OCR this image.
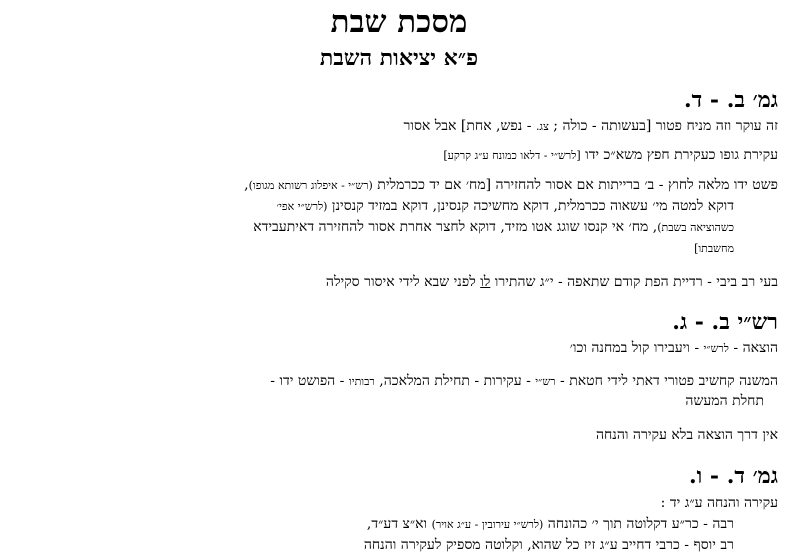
מסכת שבת
פ״א יציאות השבת
גמ׳ ב. - ד.
זה עוקר וזה מניח פטור [בעשותה - כולה ; צג. - נפש, אחת] אבל אסור
עקירת גופו כעקירת חפץ משא״כ ידו [לרש״י - דלאו כמונח ע״ג קרקע]
פשט ידו מלאה לחוץ - ב׳ ברייתות אם אסור להחזירה [מח׳ אם יד ככרמלית (רש״י - איפלוג רשותא מגופו),
דוקא למטה מי׳ עשאוה ככרמלית, דוקא מחשיכה קנסינן, דוקא במזיד קנסינן (לרש״י אפי׳
כשהוציאה בשבת), מח׳ אי קנסו שוגג אטו מזיד, דוקא לחצר אחרת אסור להחזירה דאיתעבידא
מחשבתו]
בעי רב ביבי - רדיית הפת קודם שתאפה - י״ג שהתירו לו לפני שבא לידי איסור סקילה
רש״י ב. - ג.
הוצאה - לרש״י - ויעבירו קול במחנה וכו׳
המשנה קחשיב פטורי דאתי לידי חטאת - רש״י - עקירות - תחילת המלאכה, רבותיו - הפושט ידו -
תחלת המעשה
אין דרך הוצאה בלא עקירה והנחה
גמ׳ ד. - ו.
עקירה והנחה ע״ג יד :
רבה - כר״ע דקלוטה תוך י׳ כהונחה (לרש״י עירובין - ע״ג אויר) וא״צ דע״ד,
רב יוסף - כרבי דחייב ע״ג זיז כל שהוא, וקלוטה מספיק לעקירה והנחה
